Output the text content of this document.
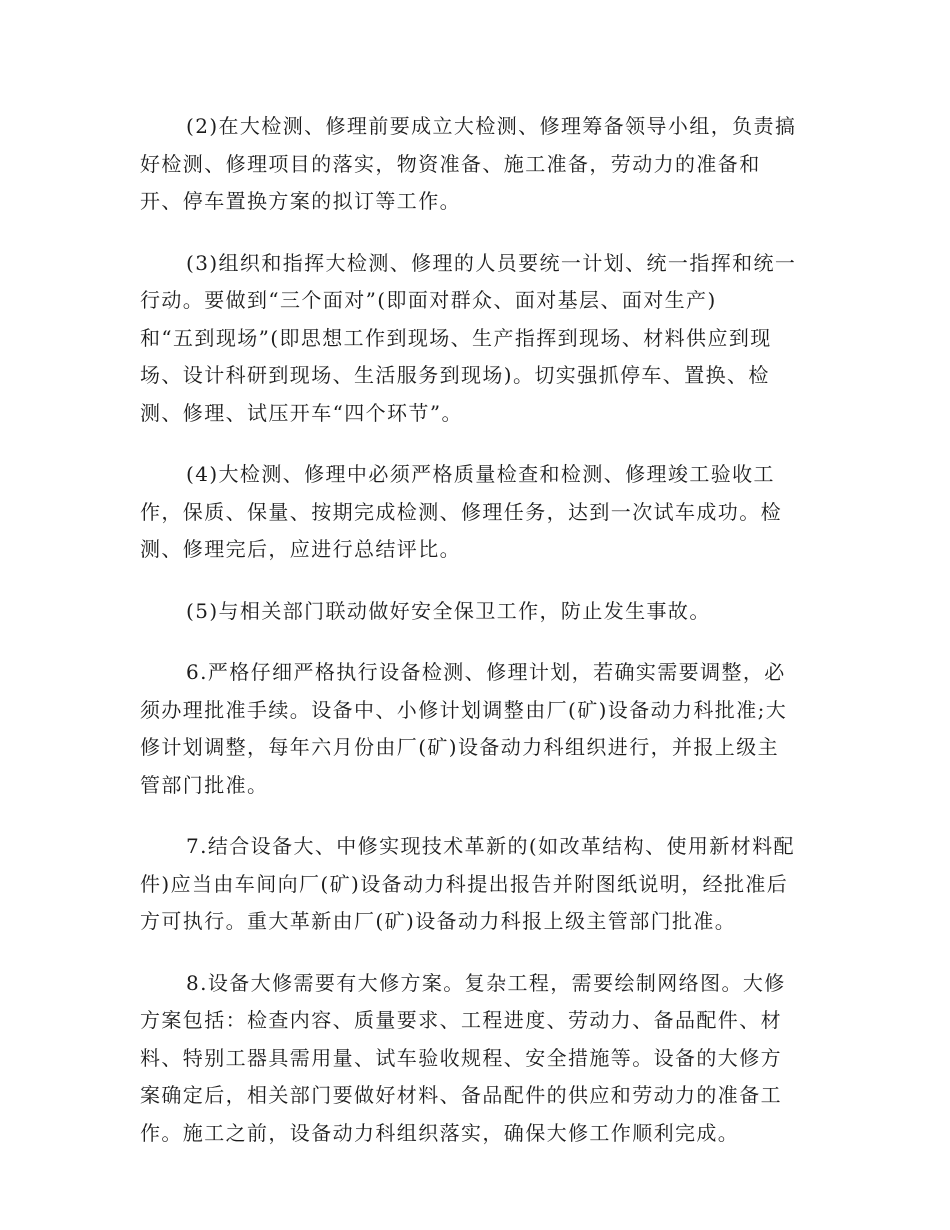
(2)在大检测、修理前要成立大检测、修理筹备领导小组，负责搞
好检测、修理项目的落实，物资准备、施工准备，劳动力的准备和
开、停车置换方案的拟订等工作。
(3)组织和指挥大检测、修理的人员要统一计划、统一指挥和统一
行动。要做到“三个面对”(即面对群众、面对基层、面对生产)
和“五到现场”(即思想工作到现场、生产指挥到现场、材料供应到现
场、设计科研到现场、生活服务到现场)。切实强抓停车、置换、检
测、修理、试压开车“四个环节”。
(4)大检测、修理中必须严格质量检查和检测、修理竣工验收工
作，保质、保量、按期完成检测、修理任务，达到一次试车成功。检
测、修理完后，应进行总结评比。
(5)与相关部门联动做好安全保卫工作，防止发生事故。
6.严格仔细严格执行设备检测、修理计划，若确实需要调整，必
须办理批准手续。设备中、小修计划调整由厂(矿)设备动力科批准;大
修计划调整，每年六月份由厂(矿)设备动力科组织进行，并报上级主
管部门批准。
7.结合设备大、中修实现技术革新的(如改革结构、使用新材料配
件)应当由车间向厂(矿)设备动力科提出报告并附图纸说明，经批准后
方可执行。重大革新由厂(矿)设备动力科报上级主管部门批准。
8.设备大修需要有大修方案。复杂工程，需要绘制网络图。大修
方案包括：检查内容、质量要求、工程进度、劳动力、备品配件、材
料、特别工器具需用量、试车验收规程、安全措施等。设备的大修方
案确定后，相关部门要做好材料、备品配件的供应和劳动力的准备工
作。施工之前，设备动力科组织落实，确保大修工作顺利完成。
